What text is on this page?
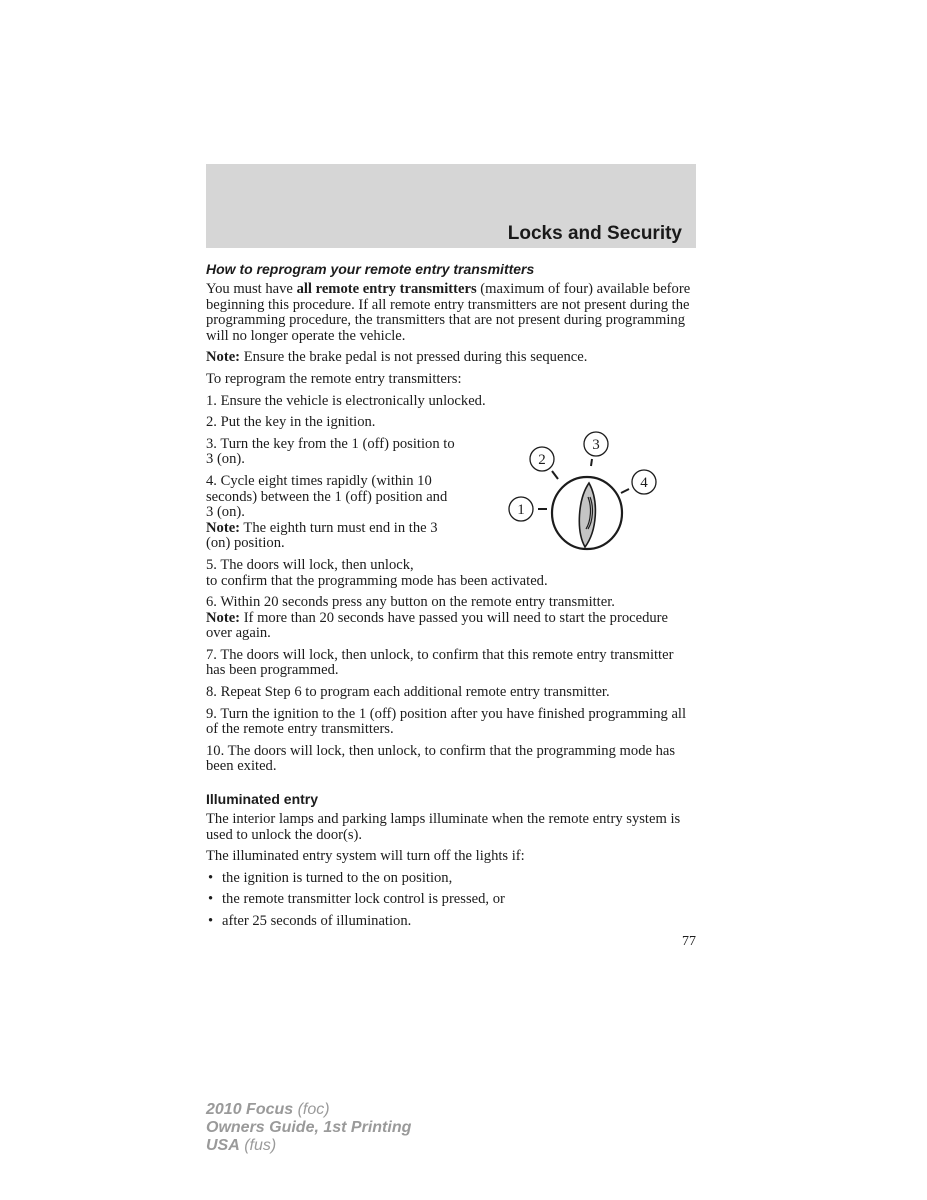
Locks and Security
How to reprogram your remote entry transmitters

You must have all remote entry transmitters (maximum of four) available before beginning this procedure. If all remote entry transmitters are not present during the programming procedure, the transmitters that are not present during programming will no longer operate the vehicle.

Note: Ensure the brake pedal is not pressed during this sequence.

To reprogram the remote entry transmitters:

1. Ensure the vehicle is electronically unlocked.

2. Put the key in the ignition.

3. Turn the key from the 1 (off) position to 3 (on).

4. Cycle eight times rapidly (within 10 seconds) between the 1 (off) position and 3 (on).
Note: The eighth turn must end in the 3 (on) position.

1
2
3
4

5. The doors will lock, then unlock,
to confirm that the programming mode has been activated.

6. Within 20 seconds press any button on the remote entry transmitter.
Note: If more than 20 seconds have passed you will need to start the procedure over again.

7. The doors will lock, then unlock, to confirm that this remote entry transmitter has been programmed.

8. Repeat Step 6 to program each additional remote entry transmitter.

9. Turn the ignition to the 1 (off) position after you have finished programming all of the remote entry transmitters.

10. The doors will lock, then unlock, to confirm that the programming mode has been exited.

Illuminated entry

The interior lamps and parking lamps illuminate when the remote entry system is used to unlock the door(s).

The illuminated entry system will turn off the lights if:

• the ignition is turned to the on position,
• the remote transmitter lock control is pressed, or
• after 25 seconds of illumination.
77
2010 Focus (foc)
Owners Guide, 1st Printing
USA (fus)
